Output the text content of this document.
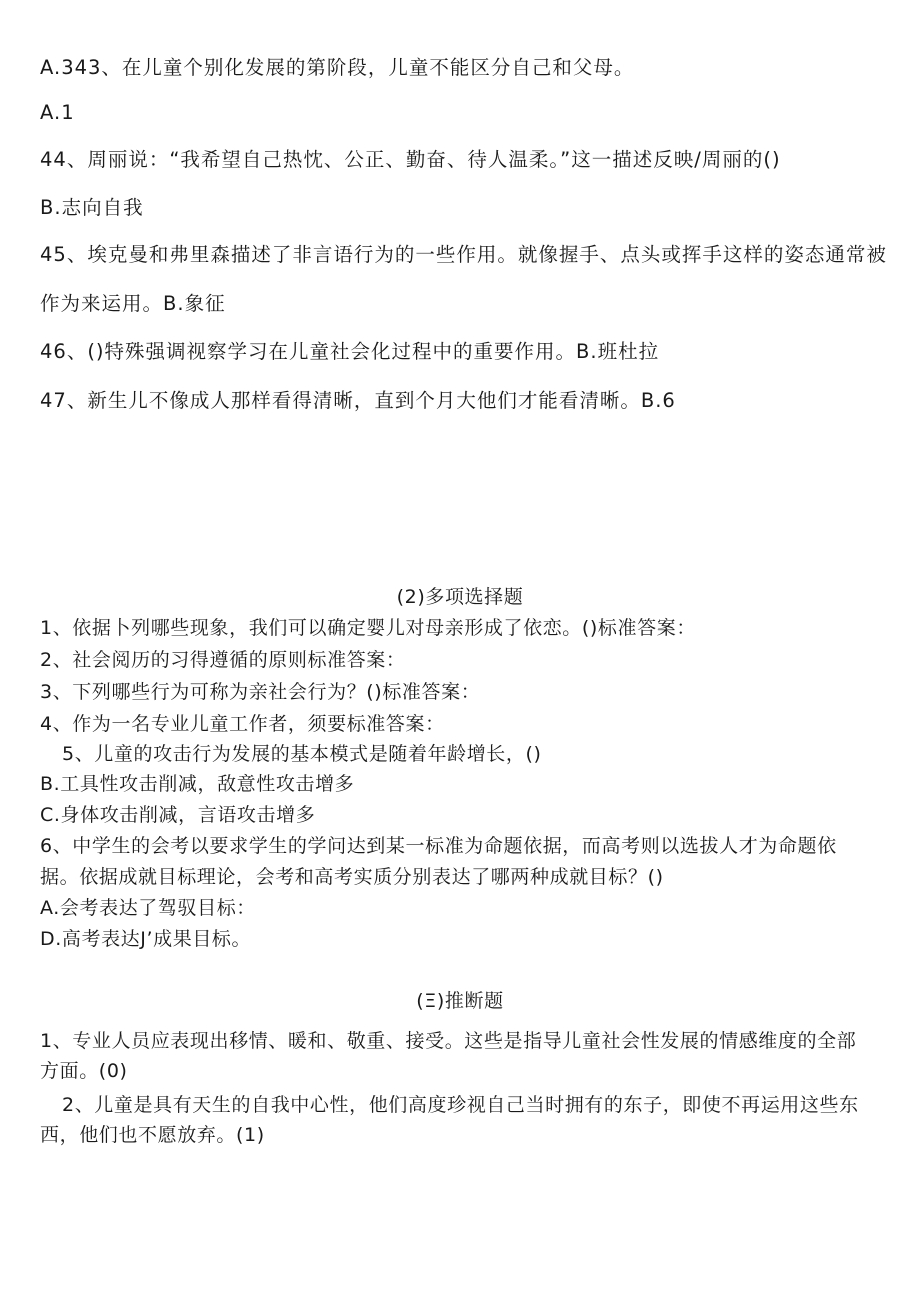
A.343、在儿童个别化发展的第阶段，儿童不能区分自己和父母。
A.1
44、周丽说：“我希望自己热忱、公正、勤奋、待人温柔。”这一描述反映/周丽的()
B.志向自我
45、埃克曼和弗里森描述了非言语行为的一些作用。就像握手、点头或挥手这样的姿态通常被
作为来运用。B.象征
46、()特殊强调视察学习在儿童社会化过程中的重要作用。B.班杜拉
47、新生儿不像成人那样看得清晰，直到个月大他们才能看清晰。B.6
(2)多项选择题
1、依据卜列哪些现象，我们可以确定婴儿对母亲形成了依恋。()标准答案：
2、社会阅历的习得遵循的原则标准答案：
3、下列哪些行为可称为亲社会行为？()标准答案：
4、作为一名专业儿童工作者，须要标准答案：
5、儿童的攻击行为发展的基本模式是随着年龄增长，()
B.工具性攻击削减，敌意性攻击增多
C.身体攻击削减，言语攻击增多
6、中学生的会考以要求学生的学问达到某一标准为命题依据，而高考则以选拔人才为命题依
据。依据成就目标理论，会考和高考实质分别表达了哪两种成就目标？()
A.会考表达了驾驭目标：
D.高考表达J’成果目标。
(Ξ)推断题
1、专业人员应表现出移情、暖和、敬重、接受。这些是指导儿童社会性发展的情感维度的全部
方面。(0)
2、儿童是具有天生的自我中心性，他们高度珍视自己当时拥有的东子，即使不再运用这些东
西，他们也不愿放弃。(1)
